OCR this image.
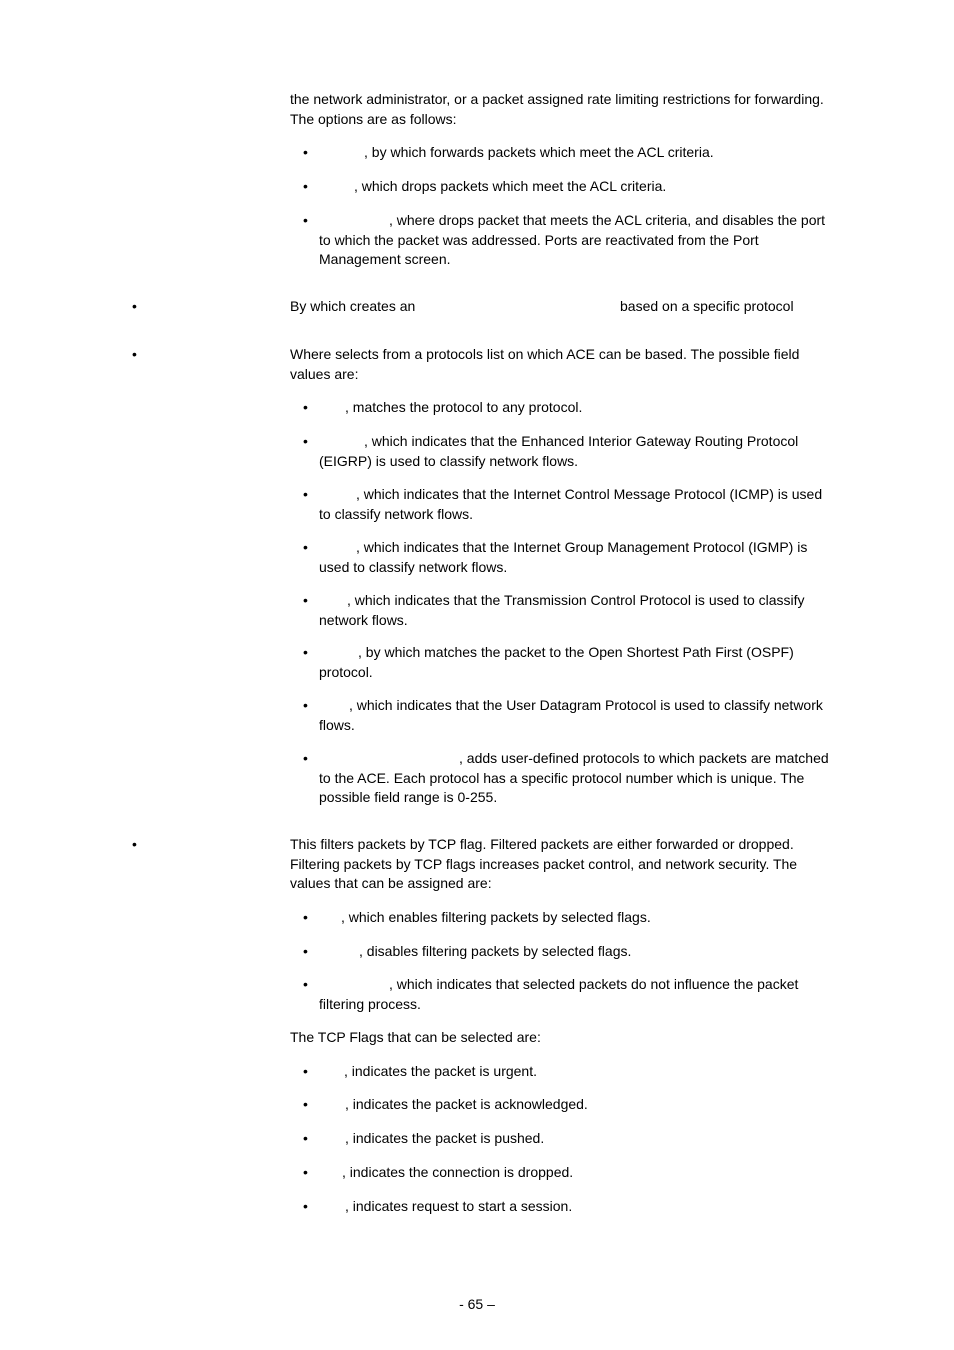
the network administrator, or a packet assigned rate limiting restrictions for forwarding. The options are as follows:
•	, by which forwards packets which meet the ACL criteria.
•	, which drops packets which meet the ACL criteria.
•	, where drops packet that meets the ACL criteria, and disables the port to which the packet was addressed. Ports are reactivated from the Port Management screen.
•	By which creates an	based on a specific protocol
•	Where selects from a protocols list on which ACE can be based. The possible field values are:
•	, matches the protocol to any protocol.
•	, which indicates that the Enhanced Interior Gateway Routing Protocol (EIGRP) is used to classify network flows.
•	, which indicates that the Internet Control Message Protocol (ICMP) is used to classify network flows.
•	, which indicates that the Internet Group Management Protocol (IGMP) is used to classify network flows.
•	, which indicates that the Transmission Control Protocol is used to classify network flows.
•	, by which matches the packet to the Open Shortest Path First (OSPF) protocol.
•	, which indicates that the User Datagram Protocol is used to classify network flows.
•	, adds user-defined protocols to which packets are matched to the ACE. Each protocol has a specific protocol number which is unique. The possible field range is 0-255.
•	This filters packets by TCP flag. Filtered packets are either forwarded or dropped. Filtering packets by TCP flags increases packet control, and network security. The values that can be assigned are:
• , which enables filtering packets by selected flags.
•	, disables filtering packets by selected flags.
•	, which indicates that selected packets do not influence the packet filtering process.
The TCP Flags that can be selected are:
•	, indicates the packet is urgent.
•	, indicates the packet is acknowledged.
•	, indicates the packet is pushed.
• , indicates the connection is dropped.
•	, indicates request to start a session.
- 65 –
